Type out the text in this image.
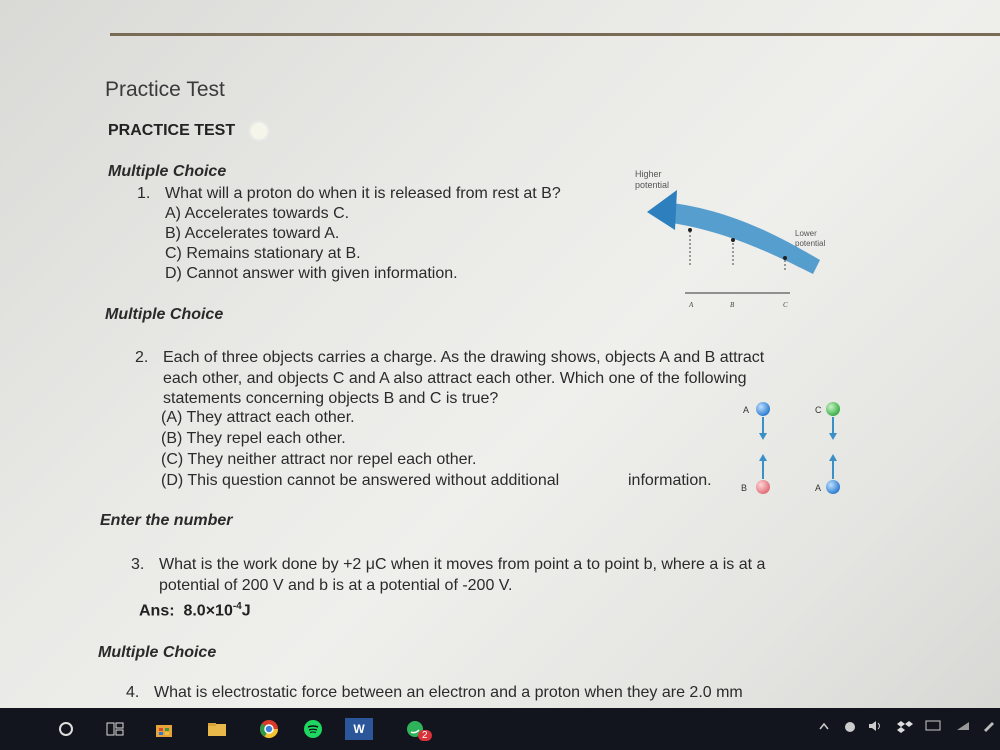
Practice Test
PRACTICE TEST
Multiple Choice
1. What will a proton do when it is released from rest at B?
A) Accelerates towards C.
B) Accelerates toward A.
C) Remains stationary at B.
D) Cannot answer with given information.
Higher
potential
Lower
potential
A	B	C
Multiple Choice
2. Each of three objects carries a charge. As the drawing shows, objects A and B attract
each other, and objects C and A also attract each other. Which one of the following
statements concerning objects B and C is true?
(A) They attract each other.
(B) They repel each other.
(C) They neither attract nor repel each other.
(D) This question cannot be answered without additional	information.
A	C
B	A
Enter the number
3. What is the work done by +2 μC when it moves from point a to point b, where a is at a
potential of 200 V and b is at a potential of -200 V.
Ans: $8.0\times 10^{-4}J$
Multiple Choice
4. What is electrostatic force between an electron and a proton when they are 2.0 mm
W	2
